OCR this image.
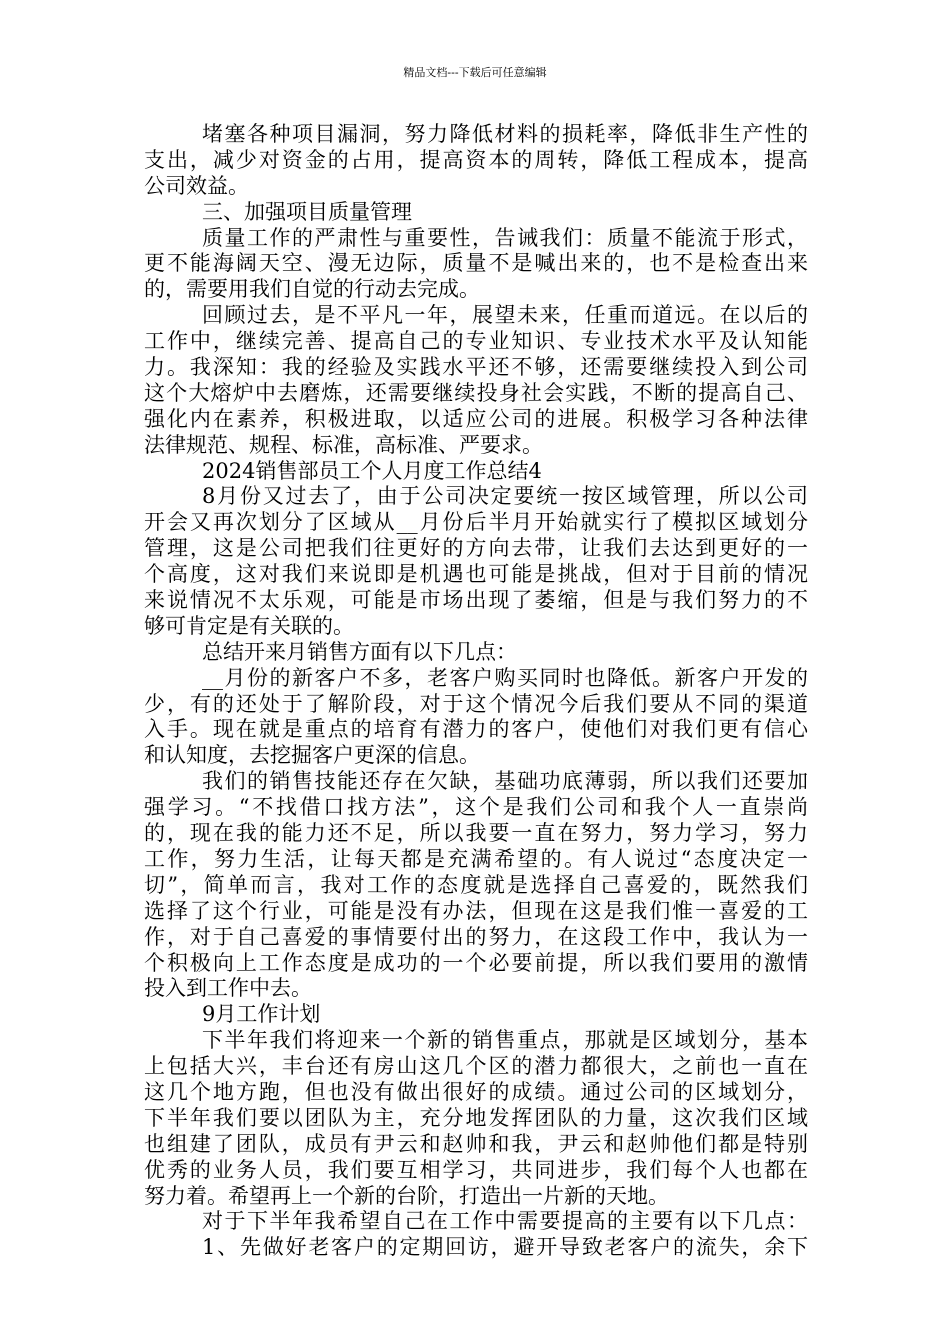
精品文档---下载后可任意编辑
堵塞各种项目漏洞，努力降低材料的损耗率，降低非生产性的
支出，减少对资金的占用，提高资本的周转，降低工程成本，提高
公司效益。
三、加强项目质量管理
质量工作的严肃性与重要性，告诫我们：质量不能流于形式，
更不能海阔天空、漫无边际，质量不是喊出来的，也不是检查出来
的，需要用我们自觉的行动去完成。
回顾过去，是不平凡一年，展望未来，任重而道远。在以后的
工作中，继续完善、提高自己的专业知识、专业技术水平及认知能
力。我深知：我的经验及实践水平还不够，还需要继续投入到公司
这个大熔炉中去磨炼，还需要继续投身社会实践，不断的提高自己、
强化内在素养，积极进取，以适应公司的进展。积极学习各种法律
法律规范、规程、标准，高标准、严要求。
2024销售部员工个人月度工作总结4
8月份又过去了，由于公司决定要统一按区域管理，所以公司
开会又再次划分了区域从__月份后半月开始就实行了模拟区域划分
管理，这是公司把我们往更好的方向去带，让我们去达到更好的一
个高度，这对我们来说即是机遇也可能是挑战，但对于目前的情况
来说情况不太乐观，可能是市场出现了萎缩，但是与我们努力的不
够可肯定是有关联的。
总结开来月销售方面有以下几点：
__月份的新客户不多，老客户购买同时也降低。新客户开发的
少，有的还处于了解阶段，对于这个情况今后我们要从不同的渠道
入手。现在就是重点的培育有潜力的客户，使他们对我们更有信心
和认知度，去挖掘客户更深的信息。
我们的销售技能还存在欠缺，基础功底薄弱，所以我们还要加
强学习。“不找借口找方法”，这个是我们公司和我个人一直崇尚
的，现在我的能力还不足，所以我要一直在努力，努力学习，努力
工作，努力生活，让每天都是充满希望的。有人说过“态度决定一
切”，简单而言，我对工作的态度就是选择自己喜爱的，既然我们
选择了这个行业，可能是没有办法，但现在这是我们惟一喜爱的工
作，对于自己喜爱的事情要付出的努力，在这段工作中，我认为一
个积极向上工作态度是成功的一个必要前提，所以我们要用的激情
投入到工作中去。
9月工作计划
下半年我们将迎来一个新的销售重点，那就是区域划分，基本
上包括大兴，丰台还有房山这几个区的潜力都很大，之前也一直在
这几个地方跑，但也没有做出很好的成绩。通过公司的区域划分，
下半年我们要以团队为主，充分地发挥团队的力量，这次我们区域
也组建了团队，成员有尹云和赵帅和我，尹云和赵帅他们都是特别
优秀的业务人员，我们要互相学习，共同进步，我们每个人也都在
努力着。希望再上一个新的台阶，打造出一片新的天地。
对于下半年我希望自己在工作中需要提高的主要有以下几点：
1、先做好老客户的定期回访，避开导致老客户的流失，余下
